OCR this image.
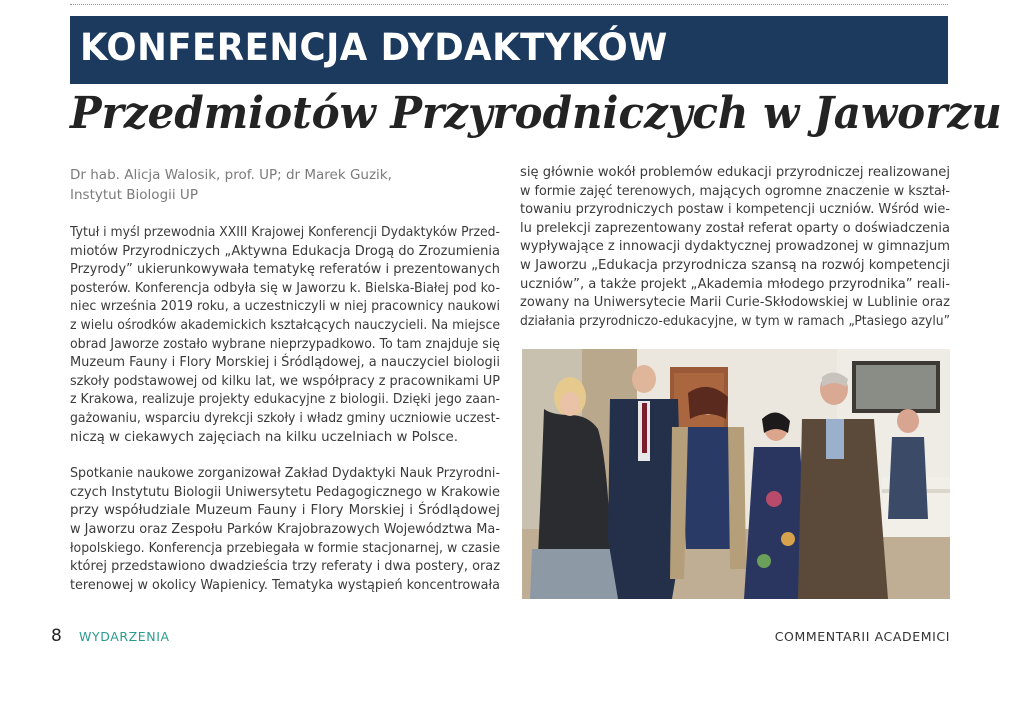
KONFERENCJA DYDAKTYKÓW
Przedmiotów Przyrodniczych w Jaworzu
Dr hab. Alicja Walosik, prof. UP; dr Marek Guzik,
Instytut Biologii UP
Tytuł i myśl przewodnia XXIII Krajowej Konferencji Dydaktyków Przed-
miotów Przyrodniczych „Aktywna Edukacja Drogą do Zrozumienia
Przyrody” ukierunkowywała tematykę referatów i prezentowanych
posterów. Konferencja odbyła się w Jaworzu k. Bielska-Białej pod ko-
niec września 2019 roku, a uczestniczyli w niej pracownicy naukowi
z wielu ośrodków akademickich kształcących nauczycieli. Na miejsce
obrad Jaworze zostało wybrane nieprzypadkowo. To tam znajduje się
Muzeum Fauny i Flory Morskiej i Śródlądowej, a nauczyciel biologii
szkoły podstawowej od kilku lat, we współpracy z pracownikami UP
z Krakowa, realizuje projekty edukacyjne z biologii. Dzięki jego zaan-
gażowaniu, wsparciu dyrekcji szkoły i władz gminy uczniowie uczest-
niczą w ciekawych zajęciach na kilku uczelniach w Polsce.
Spotkanie naukowe zorganizował Zakład Dydaktyki Nauk Przyrodni-
czych Instytutu Biologii Uniwersytetu Pedagogicznego w Krakowie
przy współudziale Muzeum Fauny i Flory Morskiej i Śródlądowej
w Jaworzu oraz Zespołu Parków Krajobrazowych Województwa Ma-
łopolskiego. Konferencja przebiegała w formie stacjonarnej, w czasie
której przedstawiono dwadzieścia trzy referaty i dwa postery, oraz
terenowej w okolicy Wapienicy. Tematyka wystąpień koncentrowała
się głównie wokół problemów edukacji przyrodniczej realizowanej
w formie zajęć terenowych, mających ogromne znaczenie w kształ-
towaniu przyrodniczych postaw i kompetencji uczniów. Wśród wie-
lu prelekcji zaprezentowany został referat oparty o doświadczenia
wypływające z innowacji dydaktycznej prowadzonej w gimnazjum
w Jaworzu „Edukacja przyrodnicza szansą na rozwój kompetencji
uczniów”, a także projekt „Akademia młodego przyrodnika” reali-
zowany na Uniwersytecie Marii Curie-Skłodowskiej w Lublinie oraz
działania przyrodniczo-edukacyjne, w tym w ramach „Ptasiego azylu”
8 WYDARZENIA	COMMENTARII ACADEMICI
